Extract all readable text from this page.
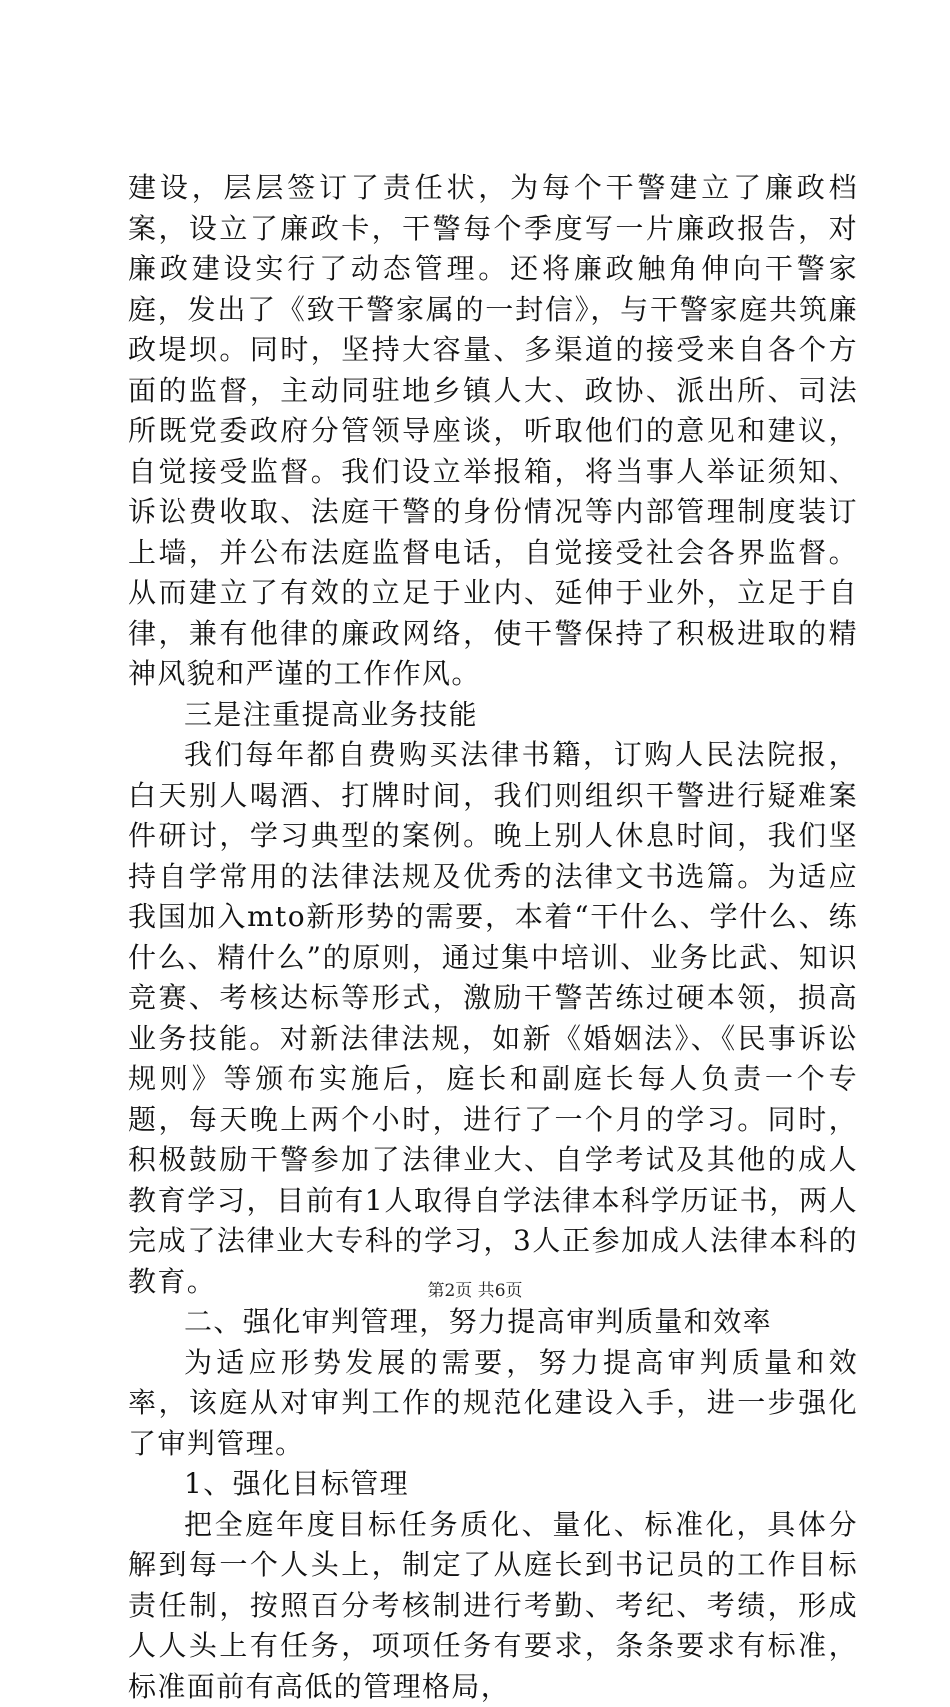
建设，层层签订了责任状，为每个干警建立了廉政档案，设立了廉政卡，干警每个季度写一片廉政报告，对廉政建设实行了动态管理。还将廉政触角伸向干警家庭，发出了《致干警家属的一封信》，与干警家庭共筑廉政堤坝。同时，坚持大容量、多渠道的接受来自各个方面的监督，主动同驻地乡镇人大、政协、派出所、司法所既党委政府分管领导座谈，听取他们的意见和建议，自觉接受监督。我们设立举报箱，将当事人举证须知、诉讼费收取、法庭干警的身份情况等内部管理制度装订上墙，并公布法庭监督电话，自觉接受社会各界监督。从而建立了有效的立足于业内、延伸于业外，立足于自律，兼有他律的廉政网络，使干警保持了积极进取的精神风貌和严谨的工作作风。

三是注重提高业务技能

我们每年都自费购买法律书籍，订购人民法院报，白天别人喝酒、打牌时间，我们则组织干警进行疑难案件研讨，学习典型的案例。晚上别人休息时间，我们坚持自学常用的法律法规及优秀的法律文书选篇。为适应我国加入mto新形势的需要，本着“干什么、学什么、练什么、精什么”的原则，通过集中培训、业务比武、知识竞赛、考核达标等形式，激励干警苦练过硬本领，损高业务技能。对新法律法规，如新《婚姻法》、《民事诉讼规则》等颁布实施后，庭长和副庭长每人负责一个专题，每天晚上两个小时，进行了一个月的学习。同时，积极鼓励干警参加了法律业大、自学考试及其他的成人教育学习，目前有1人取得自学法律本科学历证书，两人完成了法律业大专科的学习，3人正参加成人法律本科的教育。

二、强化审判管理，努力提高审判质量和效率

为适应形势发展的需要，努力提高审判质量和效率，该庭从对审判工作的规范化建设入手，进一步强化了审判管理。

1、强化目标管理

把全庭年度目标任务质化、量化、标准化，具体分解到每一个人头上，制定了从庭长到书记员的工作目标责任制，按照百分考核制进行考勤、考纪、考绩，形成人人头上有任务，项项任务有要求，条条要求有标准，标准面前有高低的管理格局，

第2页 共6页
